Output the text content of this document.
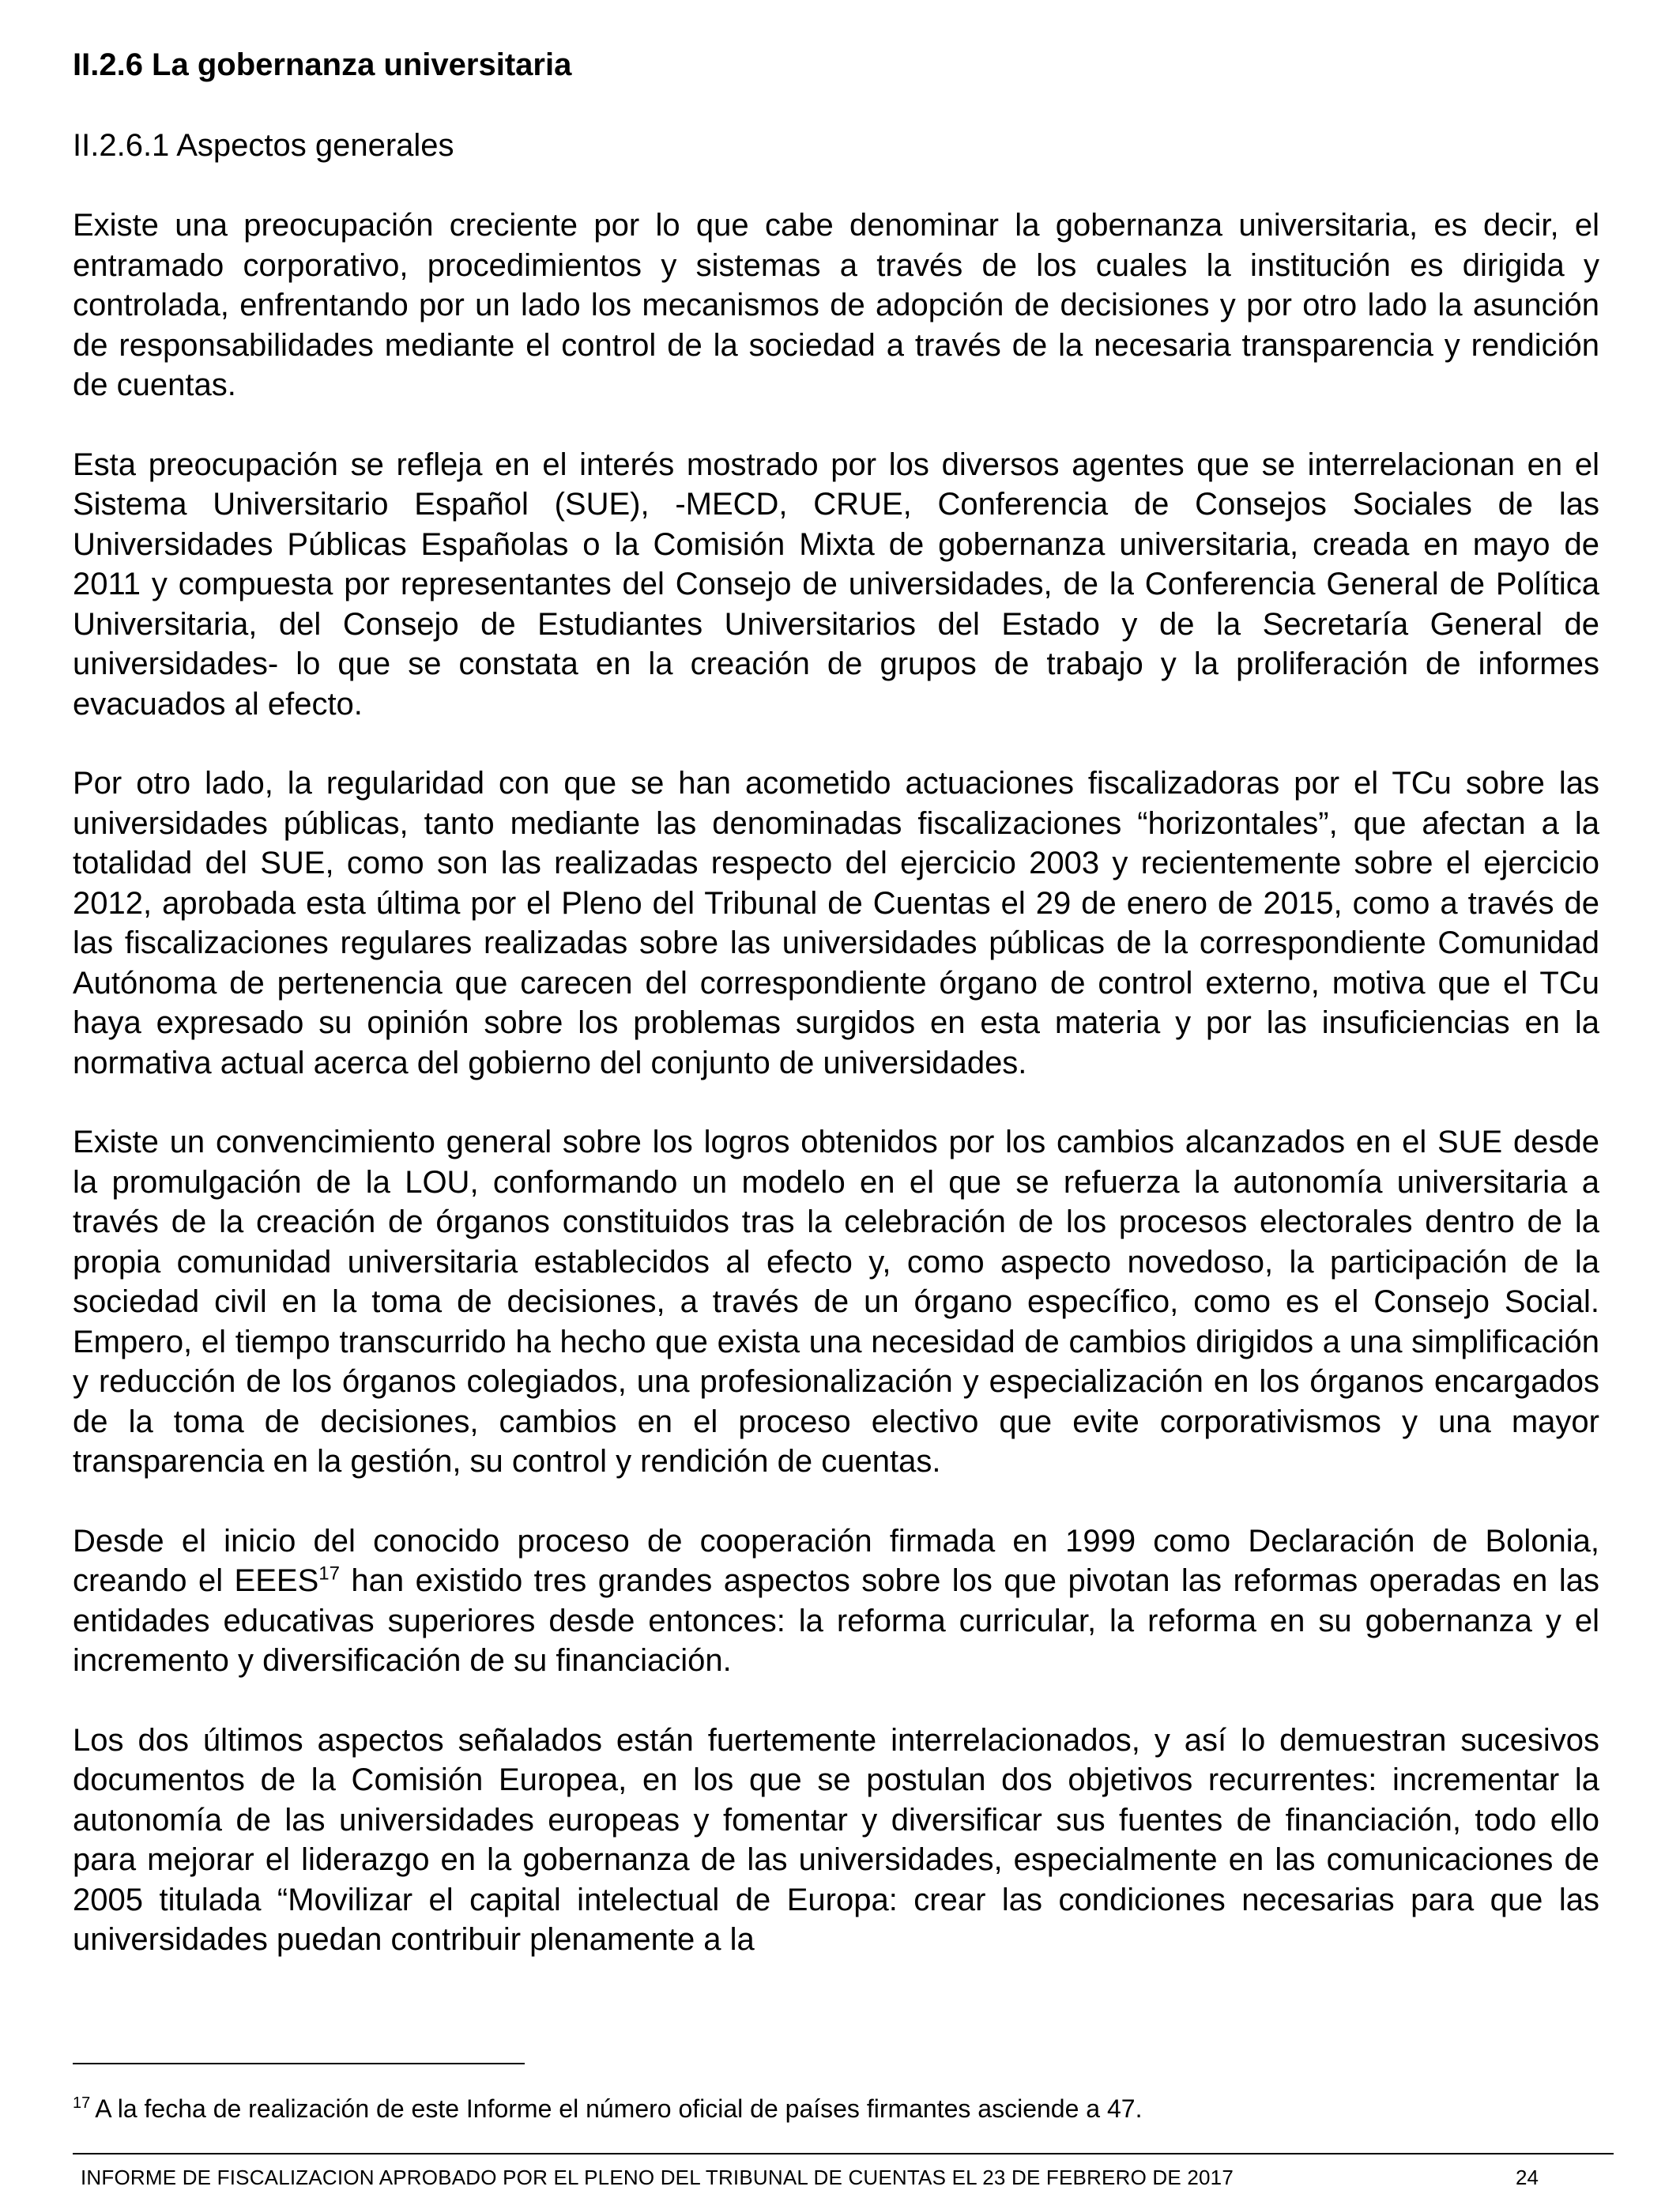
II.2.6 La gobernanza universitaria
II.2.6.1 Aspectos generales

Existe una preocupación creciente por lo que cabe denominar la gobernanza universitaria, es decir, el entramado corporativo, procedimientos y sistemas a través de los cuales la institución es dirigida y controlada, enfrentando por un lado los mecanismos de adopción de decisiones y por otro lado la asunción de responsabilidades mediante el control de la sociedad a través de la necesaria transparencia y rendición de cuentas.

Esta preocupación se refleja en el interés mostrado por los diversos agentes que se interrelacionan en el Sistema Universitario Español (SUE), -MECD, CRUE, Conferencia de Consejos Sociales de las Universidades Públicas Españolas o la Comisión Mixta de gobernanza universitaria, creada en mayo de 2011 y compuesta por representantes del Consejo de universidades, de la Conferencia General de Política Universitaria, del Consejo de Estudiantes Universitarios del Estado y de la Secretaría General de universidades- lo que se constata en la creación de grupos de trabajo y la proliferación de informes evacuados al efecto.

Por otro lado, la regularidad con que se han acometido actuaciones fiscalizadoras por el TCu sobre las universidades públicas, tanto mediante las denominadas fiscalizaciones “horizontales”, que afectan a la totalidad del SUE, como son las realizadas respecto del ejercicio 2003 y recientemente sobre el ejercicio 2012, aprobada esta última por el Pleno del Tribunal de Cuentas el 29 de enero de 2015, como a través de las fiscalizaciones regulares realizadas sobre las universidades públicas de la correspondiente Comunidad Autónoma de pertenencia que carecen del correspondiente órgano de control externo, motiva que el TCu haya expresado su opinión sobre los problemas surgidos en esta materia y por las insuficiencias en la normativa actual acerca del gobierno del conjunto de universidades.

Existe un convencimiento general sobre los logros obtenidos por los cambios alcanzados en el SUE desde la promulgación de la LOU, conformando un modelo en el que se refuerza la autonomía universitaria a través de la creación de órganos constituidos tras la celebración de los procesos electorales dentro de la propia comunidad universitaria establecidos al efecto y, como aspecto novedoso, la participación de la sociedad civil en la toma de decisiones, a través de un órgano específico, como es el Consejo Social. Empero, el tiempo transcurrido ha hecho que exista una necesidad de cambios dirigidos a una simplificación y reducción de los órganos colegiados, una profesionalización y especialización en los órganos encargados de la toma de decisiones, cambios en el proceso electivo que evite corporativismos y una mayor transparencia en la gestión, su control y rendición de cuentas.

Desde el inicio del conocido proceso de cooperación firmada en 1999 como Declaración de Bolonia, creando el EEES$^{17}$ han existido tres grandes aspectos sobre los que pivotan las reformas operadas en las entidades educativas superiores desde entonces: la reforma curricular, la reforma en su gobernanza y el incremento y diversificación de su financiación.

Los dos últimos aspectos señalados están fuertemente interrelacionados, y así lo demuestran sucesivos documentos de la Comisión Europea, en los que se postulan dos objetivos recurrentes: incrementar la autonomía de las universidades europeas y fomentar y diversificar sus fuentes de financiación, todo ello para mejorar el liderazgo en la gobernanza de las universidades, especialmente en las comunicaciones de 2005 titulada “Movilizar el capital intelectual de Europa: crear las condiciones necesarias para que las universidades puedan contribuir plenamente a la

$^{17}$ A la fecha de realización de este Informe el número oficial de países firmantes asciende a 47.
INFORME DE FISCALIZACION APROBADO POR EL PLENO DEL TRIBUNAL DE CUENTAS EL 23 DE FEBRERO DE 2017	24
